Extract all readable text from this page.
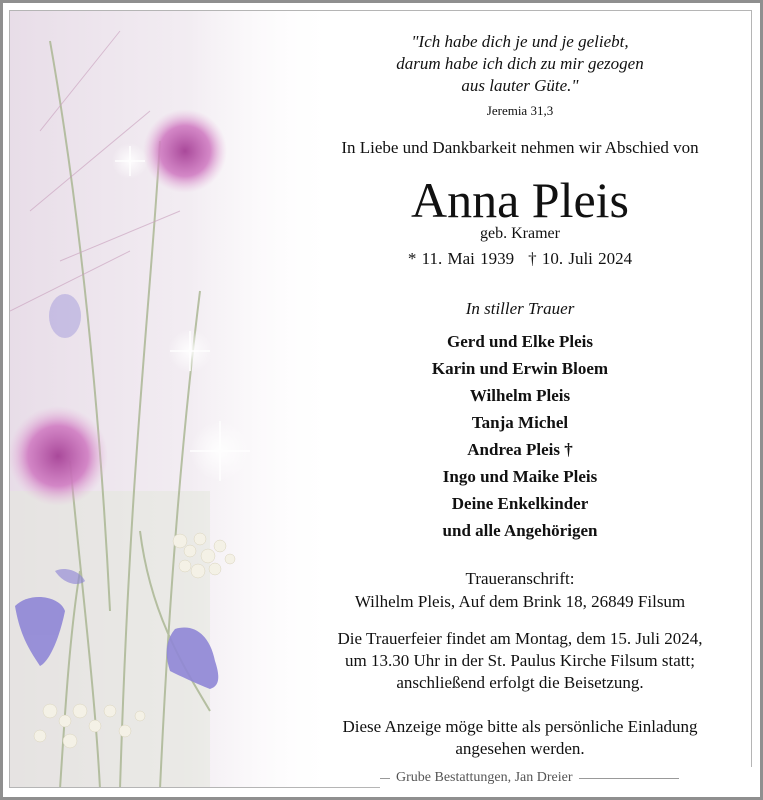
"Ich habe dich je und je geliebt,
darum habe ich dich zu mir gezogen
aus lauter Güte."
Jeremia 31,3
In Liebe und Dankbarkeit nehmen wir Abschied von
Anna Pleis
geb. Kramer
* 11. Mai 1939 † 10. Juli 2024
In stiller Trauer
Gerd und Elke Pleis
Karin und Erwin Bloem
Wilhelm Pleis
Tanja Michel
Andrea Pleis †
Ingo und Maike Pleis
Deine Enkelkinder
und alle Angehörigen
Traueranschrift:
Wilhelm Pleis, Auf dem Brink 18, 26849 Filsum
Die Trauerfeier findet am Montag, dem 15. Juli 2024,
um 13.30 Uhr in der St. Paulus Kirche Filsum statt;
anschließend erfolgt die Beisetzung.
Diese Anzeige möge bitte als persönliche Einladung
angesehen werden.
Grube Bestattungen, Jan Dreier
